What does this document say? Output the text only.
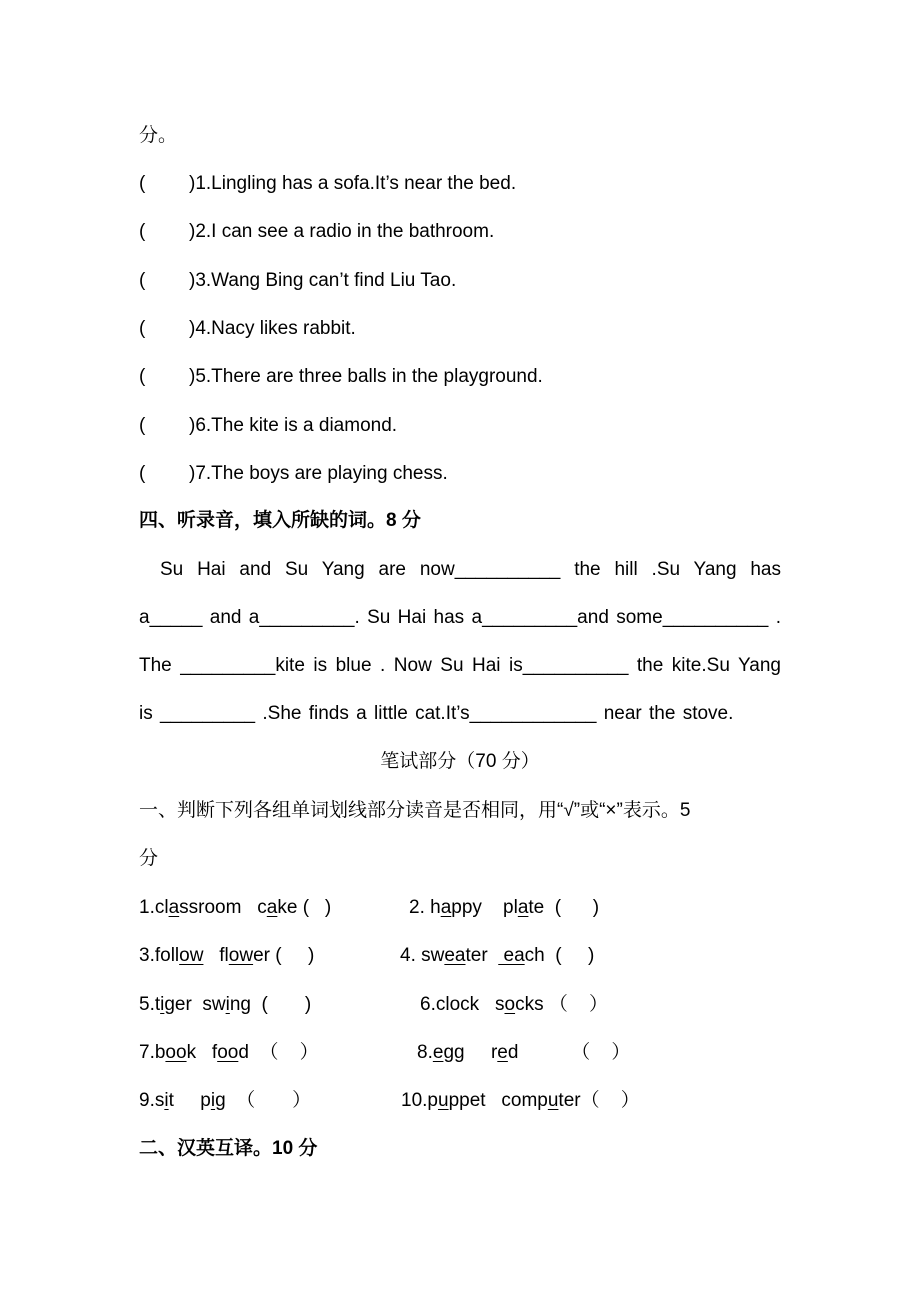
分。
( )1.Lingling has a sofa.It’s near the bed.
( )2.I can see a radio in the bathroom.
( )3.Wang Bing can’t find Liu Tao.
( )4.Nacy likes rabbit.
( )5.There are three balls in the playground.
( )6.The kite is a diamond.
( )7.The boys are playing chess.
四、听录音，填入所缺的词。8 分
Su Hai and Su Yang are now__________ the hill .Su Yang has
a_____ and a_________. Su Hai has a_________and some__________ .
The _________kite is blue . Now Su Hai is__________ the kite.Su Yang
is _________ .She finds a little cat.It’s____________ near the stove.
笔试部分（70 分）
一、判断下列各组单词划线部分读音是否相同，用“√”或“×”表示。5
分
1.classroom   cake (   )	2. happy    plate  (      )
3.follow   flower (     )	4. sweater   each  (     )
5.tiger  swing  (       )	6.clock   socks （    ）
7.book   food  （    ）	8.egg     red          （    ）
9.sit     pig  （       ）	10.puppet   computer（    ）
二、汉英互译。10 分
